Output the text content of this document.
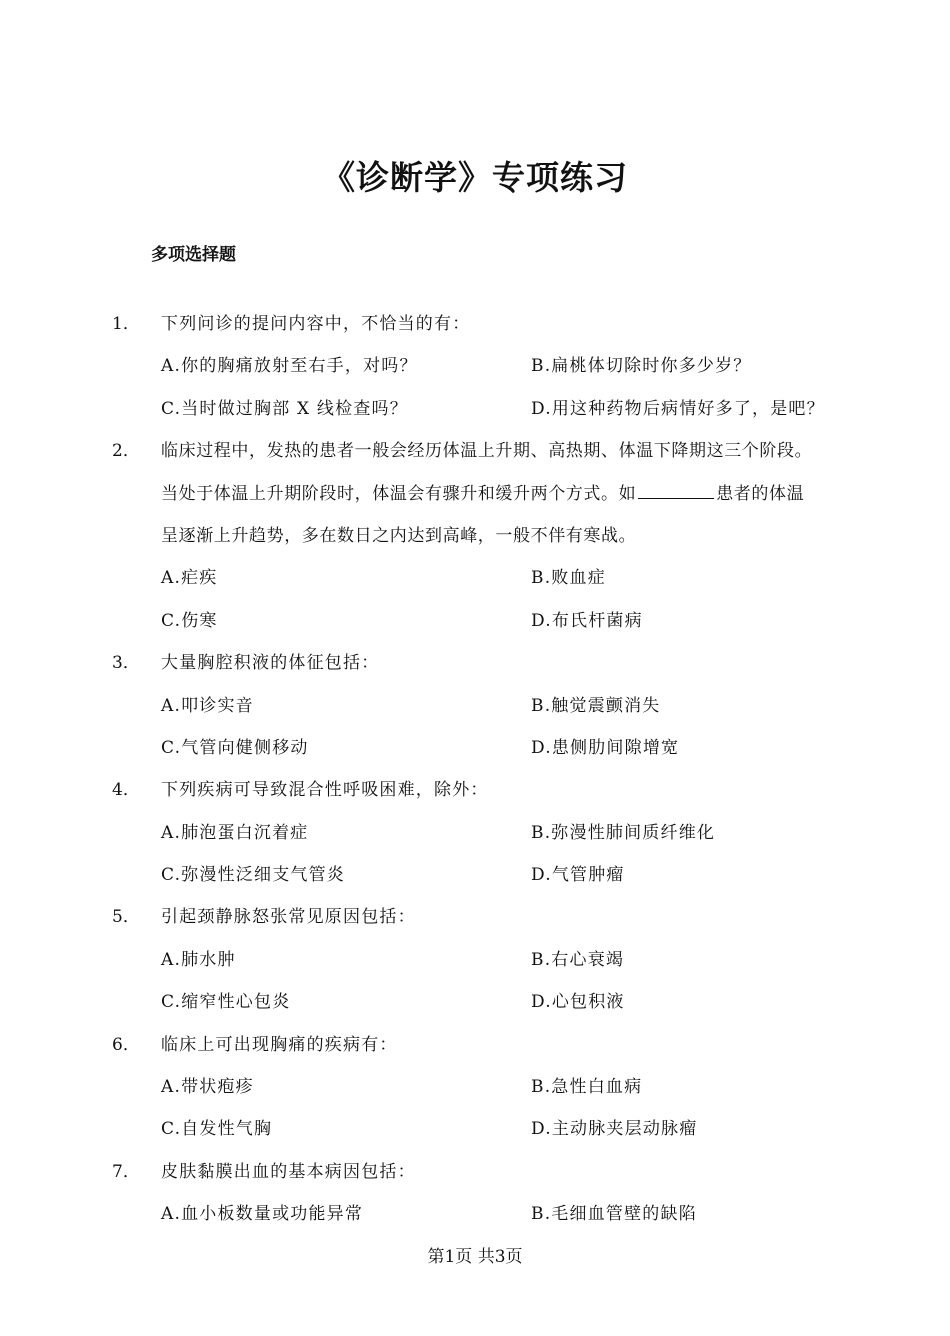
《诊断学》专项练习
多项选择题
1． 下列问诊的提问内容中，不恰当的有：
A.你的胸痛放射至右手，对吗？	B.扁桃体切除时你多少岁？
C.当时做过胸部 X 线检查吗？	D.用这种药物后病情好多了，是吧？
2． 临床过程中，发热的患者一般会经历体温上升期、高热期、体温下降期这三个阶段。
当处于体温上升期阶段时，体温会有骤升和缓升两个方式。如	患者的体温
呈逐渐上升趋势，多在数日之内达到高峰，一般不伴有寒战。
A.疟疾	B.败血症
C.伤寒	D.布氏杆菌病
3． 大量胸腔积液的体征包括：
A.叩诊实音	B.触觉震颤消失
C.气管向健侧移动	D.患侧肋间隙增宽
4． 下列疾病可导致混合性呼吸困难，除外：
A.肺泡蛋白沉着症	B.弥漫性肺间质纤维化
C.弥漫性泛细支气管炎	D.气管肿瘤
5． 引起颈静脉怒张常见原因包括：
A.肺水肿	B.右心衰竭
C.缩窄性心包炎	D.心包积液
6． 临床上可出现胸痛的疾病有：
A.带状疱疹	B.急性白血病
C.自发性气胸	D.主动脉夹层动脉瘤
7． 皮肤黏膜出血的基本病因包括：
A.血小板数量或功能异常	B.毛细血管壁的缺陷
第1页 共3页
